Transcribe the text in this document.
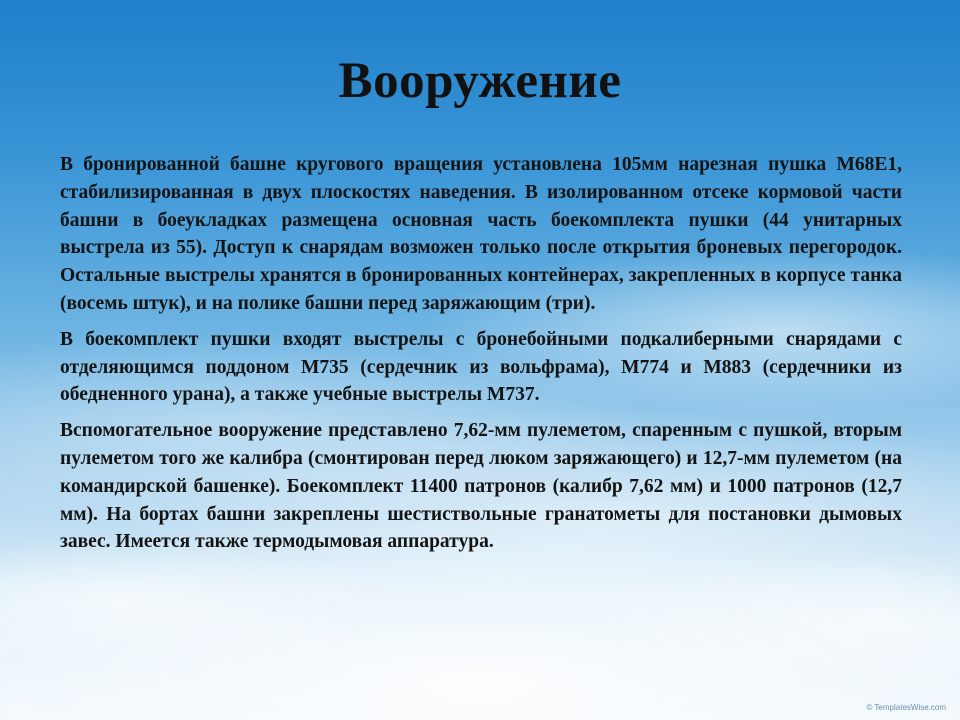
Вооружение

В бронированной башне кругового вращения установлена 105мм нарезная пушка М68Е1, стабилизированная в двух плоскостях наведения. В изолированном отсеке кормовой части башни в боеукладках размещена основная часть боекомплекта пушки (44 унитарных выстрела из 55). Доступ к снарядам возможен только после открытия броневых перегородок. Остальные выстрелы хранятся в бронированных контейнерах, закрепленных в корпусе танка (восемь штук), и на полике башни перед заряжающим (три).

В боекомплект пушки входят выстрелы с бронебойными подкалиберными снарядами с отделяющимся поддоном М735 (сердечник из вольфрама), М774 и М883 (сердечники из обедненного урана), а также учебные выстрелы М737.

Вспомогательное вооружение представлено 7,62-мм пулеметом, спаренным с пушкой, вторым пулеметом того же калибра (смонтирован перед люком заряжающего) и 12,7-мм пулеметом (на командирской башенке). Боекомплект 11400 патронов (калибр 7,62 мм) и 1000 патронов (12,7 мм). На бортах башни закреплены шестиствольные гранатометы для постановки дымовых завес. Имеется также термодымовая аппаратура.

© TemplatesWise.com
